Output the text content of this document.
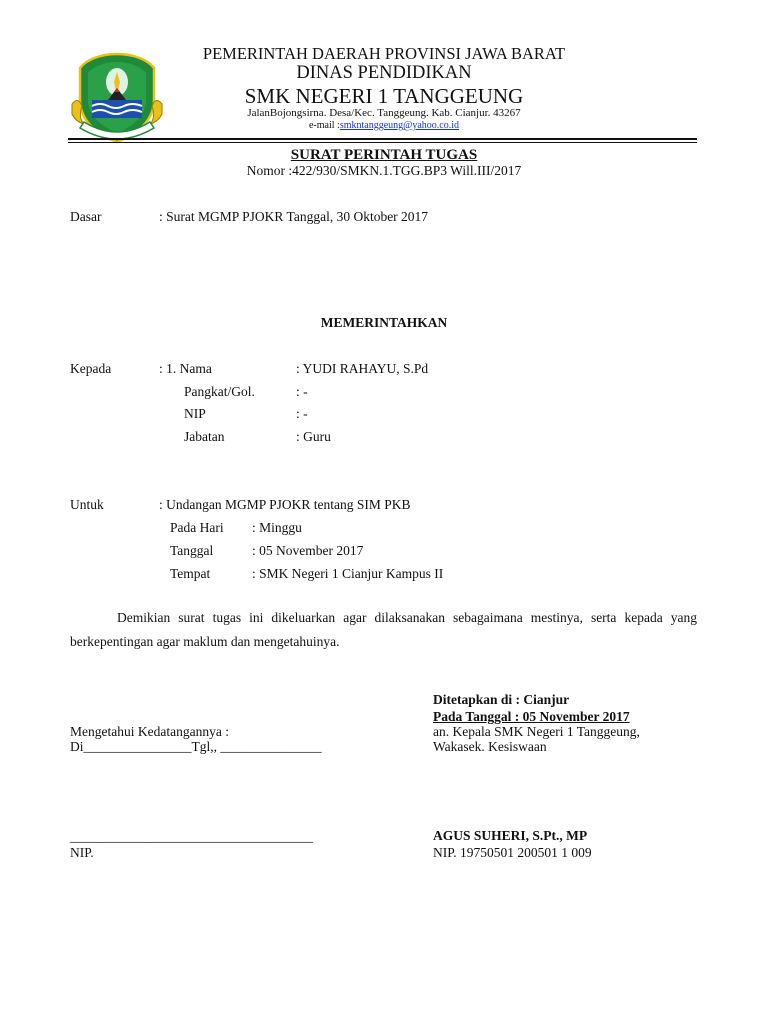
PEMERINTAH DAERAH PROVINSI JAWA BARAT
DINAS PENDIDIKAN
SMK NEGERI 1 TANGGEUNG
JalanBojongsirna. Desa/Kec. Tanggeung. Kab. Cianjur. 43267
e-mail :smkntanggeung@yahoo.co.id
SURAT PERINTAH TUGAS
Nomor :422/930/SMKN.1.TGG.BP3 Will.III/2017
Dasar	: Surat MGMP PJOKR Tanggal, 30 Oktober 2017
MEMERINTAHKAN
Kepada	: 1. Nama	: YUDI RAHAYU, S.Pd
Pangkat/Gol.	: -
NIP	: -
Jabatan	: Guru
Untuk	: Undangan MGMP PJOKR tentang SIM PKB
Pada Hari : Minggu
Tanggal	: 05 November 2017
Tempat	: SMK Negeri 1 Cianjur Kampus II
Demikian surat tugas ini dikeluarkan agar dilaksanakan sebagaimana mestinya, serta kepada yang berkepentingan agar maklum dan mengetahuinya.
Ditetapkan di : Cianjur
Pada Tanggal : 05 November 2017
an. Kepala SMK Negeri 1 Tanggeung,
Wakasek. Kesiswaan
AGUS SUHERI, S.Pt., MP
NIP. 19750501 200501 1 009
Mengetahui Kedatangannya :
Di________________Tgl,, _______________
____________________________________
NIP.
